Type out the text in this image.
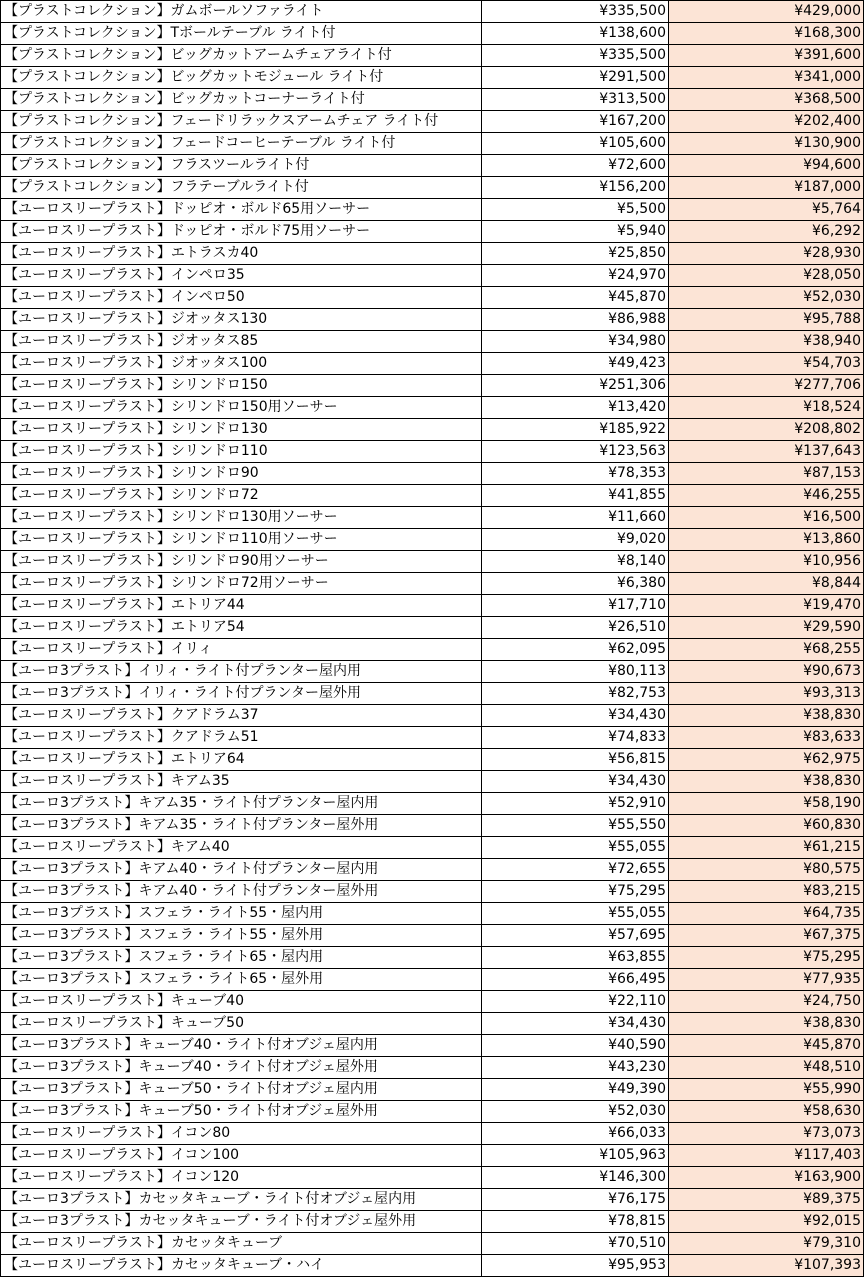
【プラストコレクション】ガムボールソファライト	¥335,500	¥429,000
【プラストコレクション】Tボールテーブル ライト付	¥138,600	¥168,300
【プラストコレクション】ビッグカットアームチェアライト付	¥335,500	¥391,600
【プラストコレクション】ビッグカットモジュール ライト付	¥291,500	¥341,000
【プラストコレクション】ビッグカットコーナーライト付	¥313,500	¥368,500
【プラストコレクション】フェードリラックスアームチェア ライト付	¥167,200	¥202,400
【プラストコレクション】フェードコーヒーテーブル ライト付	¥105,600	¥130,900
【プラストコレクション】フラスツールライト付	¥72,600	¥94,600
【プラストコレクション】フラテーブルライト付	¥156,200	¥187,000
【ユーロスリープラスト】ドッピオ・ボルド65用ソーサー	¥5,500	¥5,764
【ユーロスリープラスト】ドッピオ・ボルド75用ソーサー	¥5,940	¥6,292
【ユーロスリープラスト】エトラスカ40	¥25,850	¥28,930
【ユーロスリープラスト】インペロ35	¥24,970	¥28,050
【ユーロスリープラスト】インペロ50	¥45,870	¥52,030
【ユーロスリープラスト】ジオッタス130	¥86,988	¥95,788
【ユーロスリープラスト】ジオッタス85	¥34,980	¥38,940
【ユーロスリープラスト】ジオッタス100	¥49,423	¥54,703
【ユーロスリープラスト】シリンドロ150	¥251,306	¥277,706
【ユーロスリープラスト】シリンドロ150用ソーサー	¥13,420	¥18,524
【ユーロスリープラスト】シリンドロ130	¥185,922	¥208,802
【ユーロスリープラスト】シリンドロ110	¥123,563	¥137,643
【ユーロスリープラスト】シリンドロ90	¥78,353	¥87,153
【ユーロスリープラスト】シリンドロ72	¥41,855	¥46,255
【ユーロスリープラスト】シリンドロ130用ソーサー	¥11,660	¥16,500
【ユーロスリープラスト】シリンドロ110用ソーサー	¥9,020	¥13,860
【ユーロスリープラスト】シリンドロ90用ソーサー	¥8,140	¥10,956
【ユーロスリープラスト】シリンドロ72用ソーサー	¥6,380	¥8,844
【ユーロスリープラスト】エトリア44	¥17,710	¥19,470
【ユーロスリープラスト】エトリア54	¥26,510	¥29,590
【ユーロスリープラスト】イリィ	¥62,095	¥68,255
【ユーロ3プラスト】イリィ・ライト付プランター屋内用	¥80,113	¥90,673
【ユーロ3プラスト】イリィ・ライト付プランター屋外用	¥82,753	¥93,313
【ユーロスリープラスト】クアドラム37	¥34,430	¥38,830
【ユーロスリープラスト】クアドラム51	¥74,833	¥83,633
【ユーロスリープラスト】エトリア64	¥56,815	¥62,975
【ユーロスリープラスト】キアム35	¥34,430	¥38,830
【ユーロ3プラスト】キアム35・ライト付プランター屋内用	¥52,910	¥58,190
【ユーロ3プラスト】キアム35・ライト付プランター屋外用	¥55,550	¥60,830
【ユーロスリープラスト】キアム40	¥55,055	¥61,215
【ユーロ3プラスト】キアム40・ライト付プランター屋内用	¥72,655	¥80,575
【ユーロ3プラスト】キアム40・ライト付プランター屋外用	¥75,295	¥83,215
【ユーロ3プラスト】スフェラ・ライト55・屋内用	¥55,055	¥64,735
【ユーロ3プラスト】スフェラ・ライト55・屋外用	¥57,695	¥67,375
【ユーロ3プラスト】スフェラ・ライト65・屋内用	¥63,855	¥75,295
【ユーロ3プラスト】スフェラ・ライト65・屋外用	¥66,495	¥77,935
【ユーロスリープラスト】キューブ40	¥22,110	¥24,750
【ユーロスリープラスト】キューブ50	¥34,430	¥38,830
【ユーロ3プラスト】キューブ40・ライト付オブジェ屋内用	¥40,590	¥45,870
【ユーロ3プラスト】キューブ40・ライト付オブジェ屋外用	¥43,230	¥48,510
【ユーロ3プラスト】キューブ50・ライト付オブジェ屋内用	¥49,390	¥55,990
【ユーロ3プラスト】キューブ50・ライト付オブジェ屋外用	¥52,030	¥58,630
【ユーロスリープラスト】イコン80	¥66,033	¥73,073
【ユーロスリープラスト】イコン100	¥105,963	¥117,403
【ユーロスリープラスト】イコン120	¥146,300	¥163,900
【ユーロ3プラスト】カセッタキューブ・ライト付オブジェ屋内用	¥76,175	¥89,375
【ユーロ3プラスト】カセッタキューブ・ライト付オブジェ屋外用	¥78,815	¥92,015
【ユーロスリープラスト】カセッタキューブ	¥70,510	¥79,310
【ユーロスリープラスト】カセッタキューブ・ハイ	¥95,953	¥107,393
